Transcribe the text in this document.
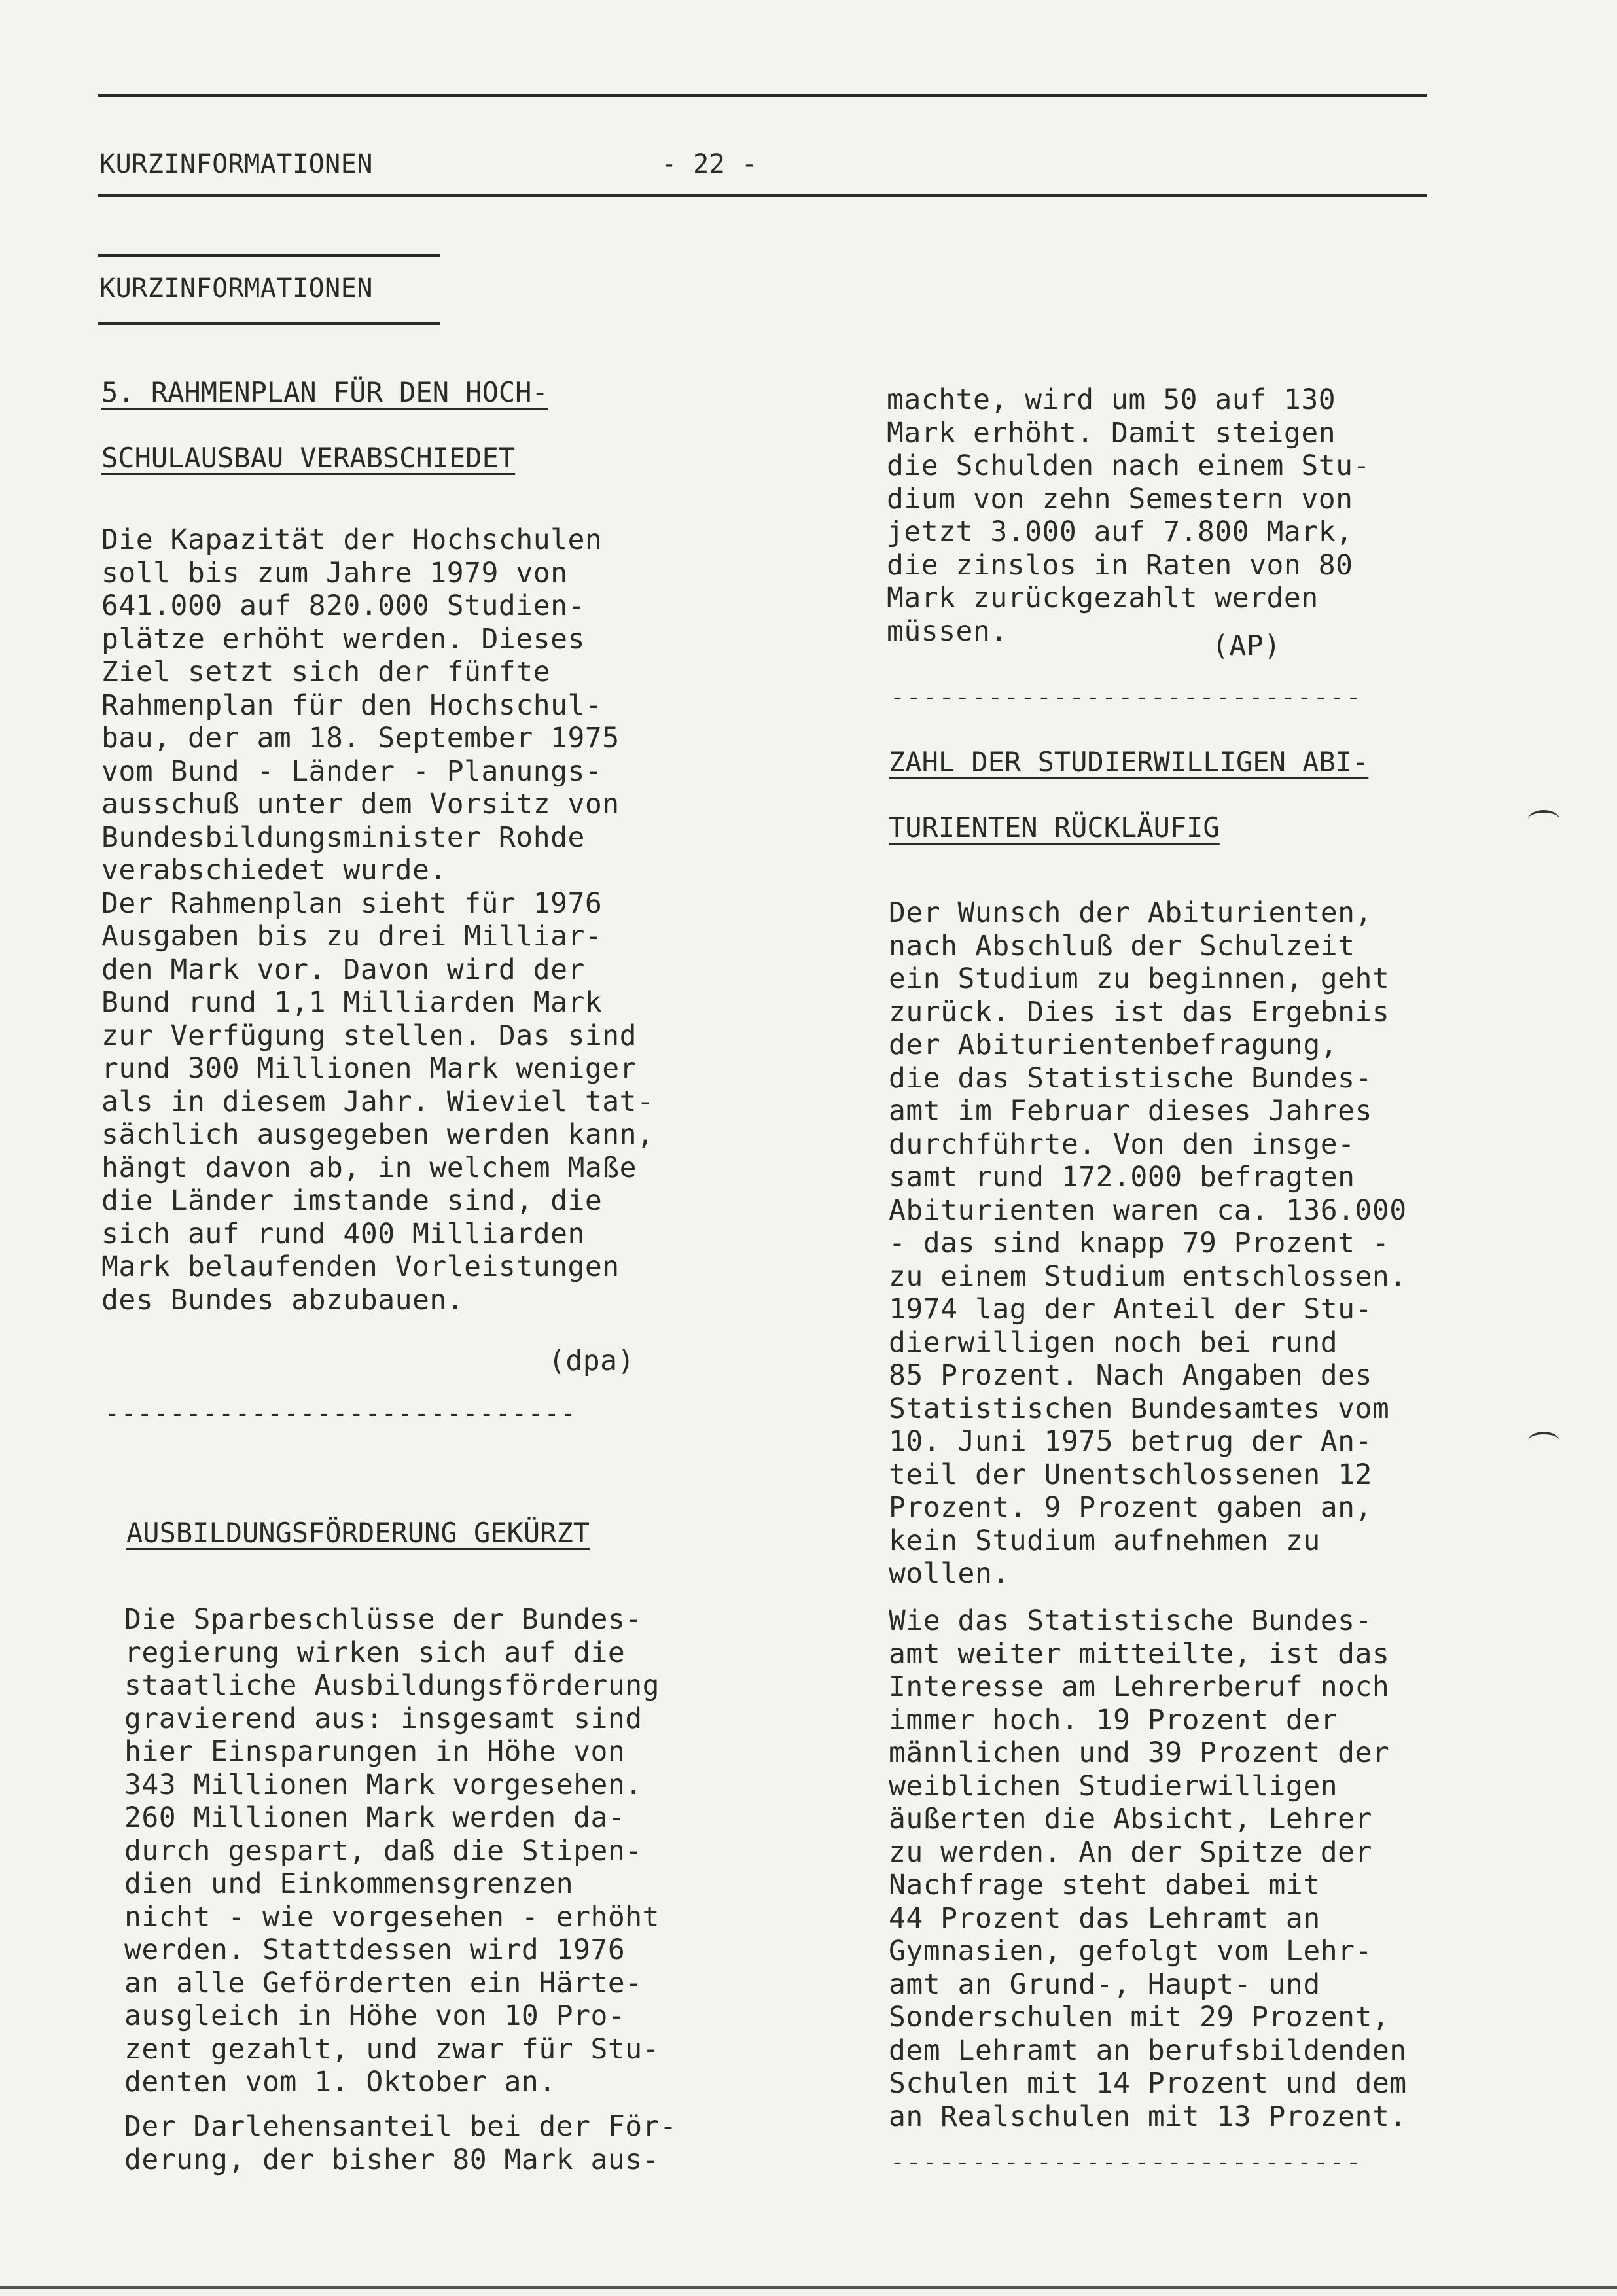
KURZINFORMATIONEN	- 22 -
KURZINFORMATIONEN
5. RAHMENPLAN FÜR DEN HOCH-
SCHULAUSBAU VERABSCHIEDET
Die Kapazität der Hochschulen
soll bis zum Jahre 1979 von
641.000 auf 820.000 Studien-
plätze erhöht werden. Dieses
Ziel setzt sich der fünfte
Rahmenplan für den Hochschul-
bau, der am 18. September 1975
vom Bund - Länder - Planungs-
ausschuß unter dem Vorsitz von
Bundesbildungsminister Rohde
verabschiedet wurde.
Der Rahmenplan sieht für 1976
Ausgaben bis zu drei Milliar-
den Mark vor. Davon wird der
Bund rund 1,1 Milliarden Mark
zur Verfügung stellen. Das sind
rund 300 Millionen Mark weniger
als in diesem Jahr. Wieviel tat-
sächlich ausgegeben werden kann,
hängt davon ab, in welchem Maße
die Länder imstande sind, die
sich auf rund 400 Milliarden
Mark belaufenden Vorleistungen
des Bundes abzubauen.
(dpa)
-----------------------------
AUSBILDUNGSFÖRDERUNG GEKÜRZT
Die Sparbeschlüsse der Bundes-
regierung wirken sich auf die
staatliche Ausbildungsförderung
gravierend aus: insgesamt sind
hier Einsparungen in Höhe von
343 Millionen Mark vorgesehen.
260 Millionen Mark werden da-
durch gespart, daß die Stipen-
dien und Einkommensgrenzen
nicht - wie vorgesehen - erhöht
werden. Stattdessen wird 1976
an alle Geförderten ein Härte-
ausgleich in Höhe von 10 Pro-
zent gezahlt, und zwar für Stu-
denten vom 1. Oktober an.
Der Darlehensanteil bei der För-
derung, der bisher 80 Mark aus-
machte, wird um 50 auf 130
Mark erhöht. Damit steigen
die Schulden nach einem Stu-
dium von zehn Semestern von
jetzt 3.000 auf 7.800 Mark,
die zinslos in Raten von 80
Mark zurückgezahlt werden
müssen.	(AP)
-----------------------------
ZAHL DER STUDIERWILLIGEN ABI-
TURIENTEN RÜCKLÄUFIG
Der Wunsch der Abiturienten,
nach Abschluß der Schulzeit
ein Studium zu beginnen, geht
zurück. Dies ist das Ergebnis
der Abiturientenbefragung,
die das Statistische Bundes-
amt im Februar dieses Jahres
durchführte. Von den insge-
samt rund 172.000 befragten
Abiturienten waren ca. 136.000
- das sind knapp 79 Prozent -
zu einem Studium entschlossen.
1974 lag der Anteil der Stu-
dierwilligen noch bei rund
85 Prozent. Nach Angaben des
Statistischen Bundesamtes vom
10. Juni 1975 betrug der An-
teil der Unentschlossenen 12
Prozent. 9 Prozent gaben an,
kein Studium aufnehmen zu
wollen.
Wie das Statistische Bundes-
amt weiter mitteilte, ist das
Interesse am Lehrerberuf noch
immer hoch. 19 Prozent der
männlichen und 39 Prozent der
weiblichen Studierwilligen
äußerten die Absicht, Lehrer
zu werden. An der Spitze der
Nachfrage steht dabei mit
44 Prozent das Lehramt an
Gymnasien, gefolgt vom Lehr-
amt an Grund-, Haupt- und
Sonderschulen mit 29 Prozent,
dem Lehramt an berufsbildenden
Schulen mit 14 Prozent und dem
an Realschulen mit 13 Prozent.
-----------------------------
